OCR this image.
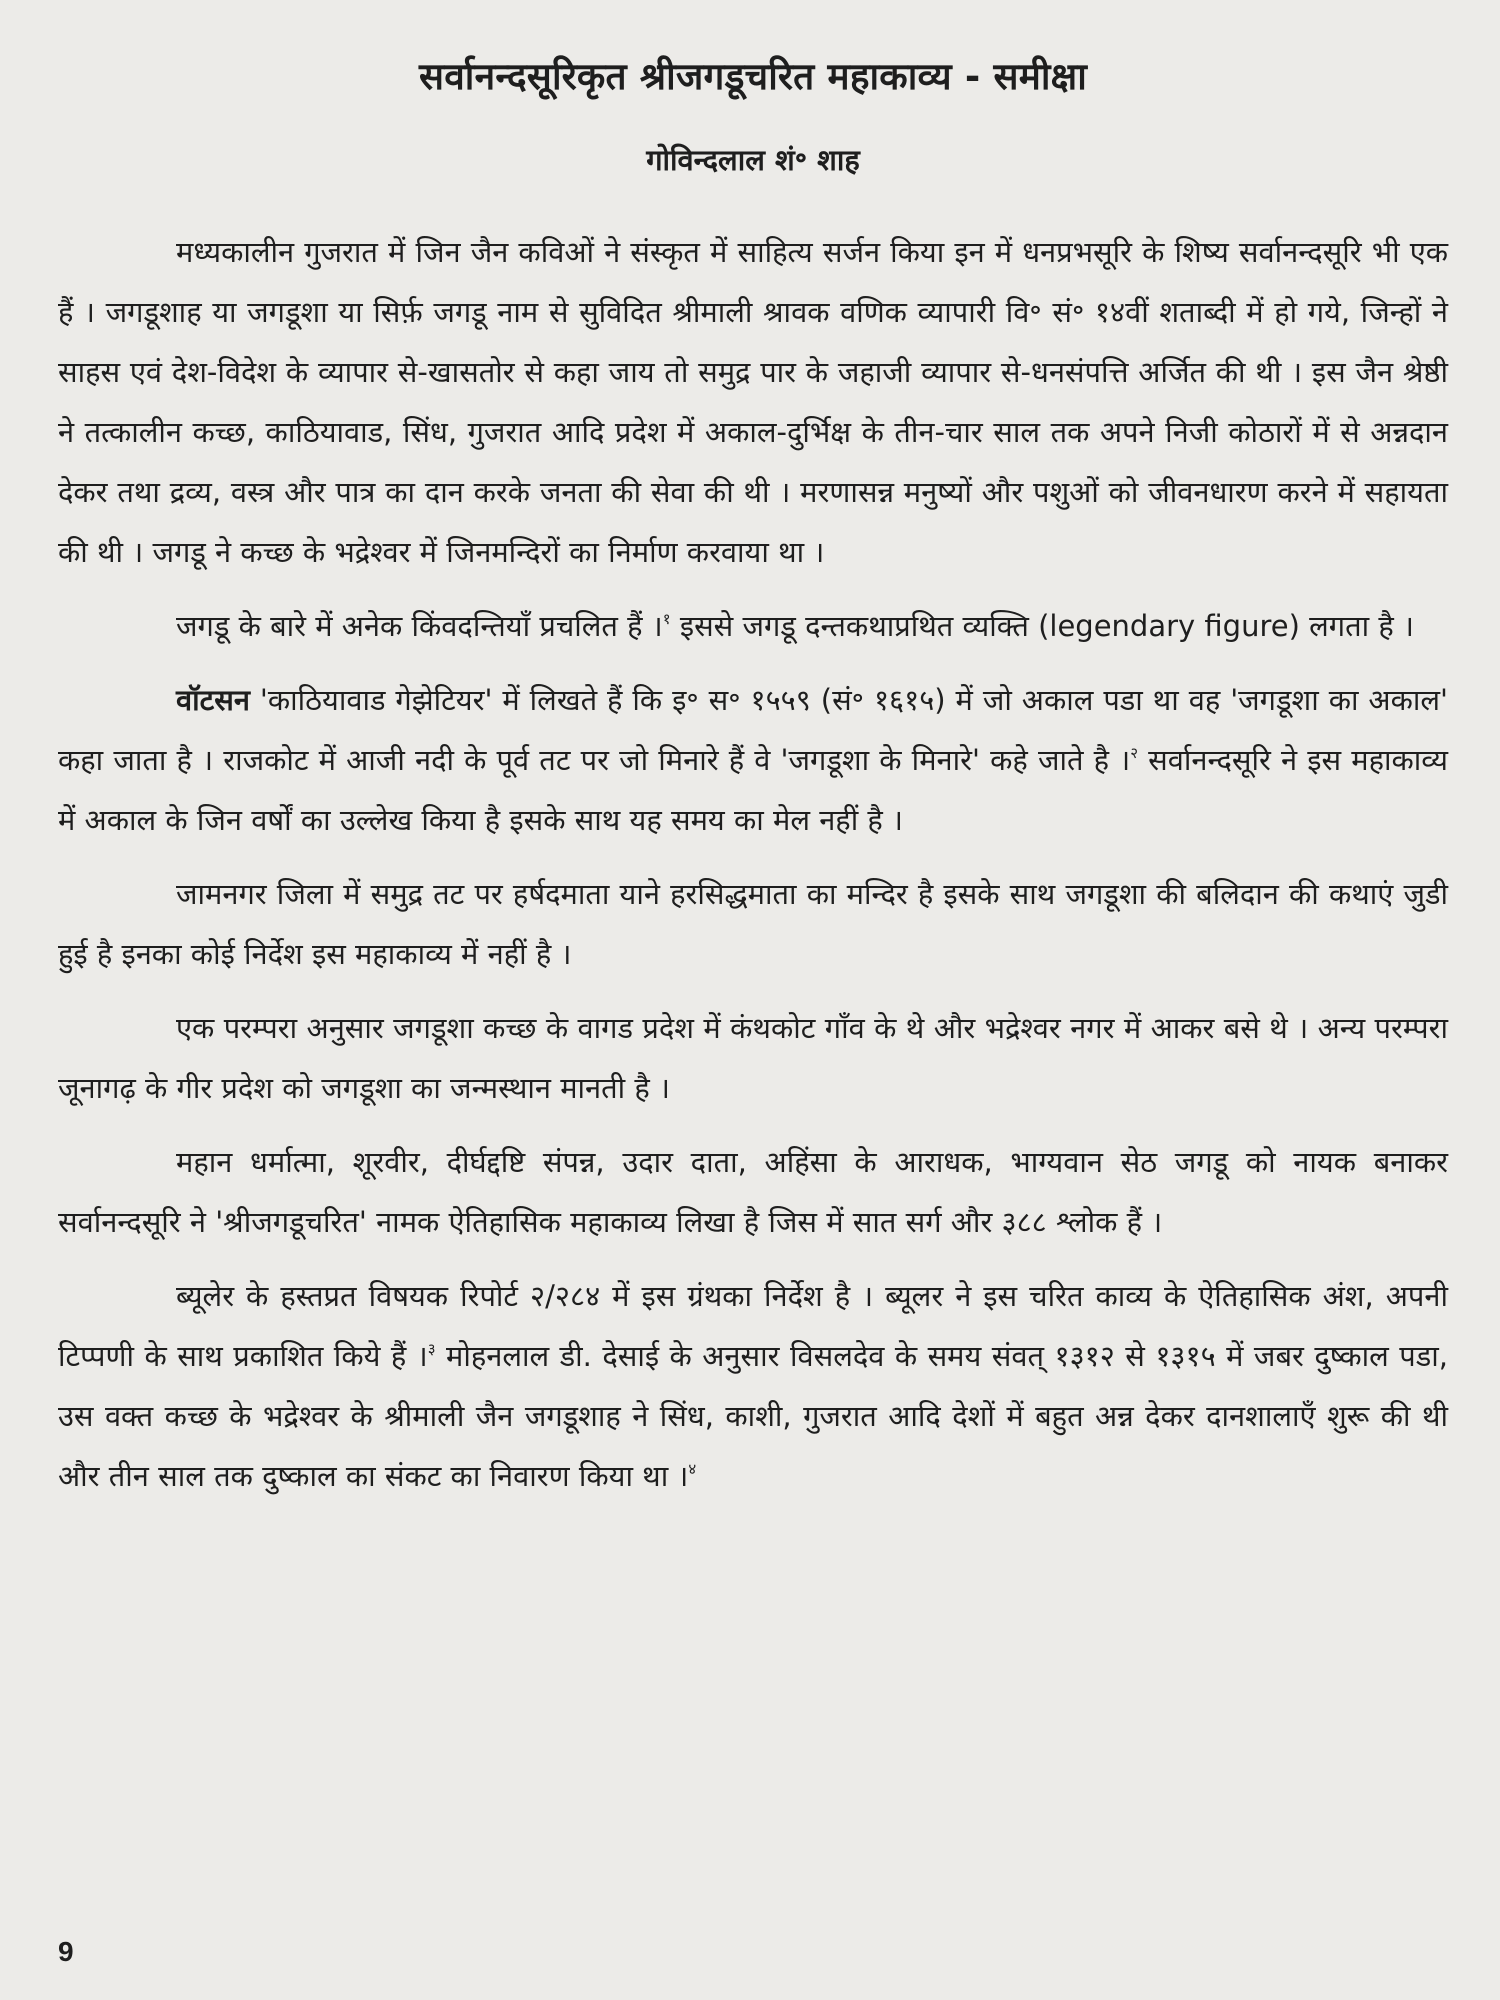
सर्वानन्दसूरिकृत श्रीजगडूचरित महाकाव्य - समीक्षा
गोविन्दलाल शं॰ शाह

मध्यकालीन गुजरात में जिन जैन कविओं ने संस्कृत में साहित्य सर्जन किया इन में धनप्रभसूरि के शिष्य सर्वानन्दसूरि भी एक हैं । जगडूशाह या जगडूशा या सिर्फ़ जगडू नाम से सुविदित श्रीमाली श्रावक वणिक व्यापारी वि॰ सं॰ १४वीं शताब्दी में हो गये, जिन्हों ने साहस एवं देश-विदेश के व्यापार से-खासतोर से कहा जाय तो समुद्र पार के जहाजी व्यापार से-धनसंपत्ति अर्जित की थी । इस जैन श्रेष्ठी ने तत्कालीन कच्छ, काठियावाड, सिंध, गुजरात आदि प्रदेश में अकाल-दुर्भिक्ष के तीन-चार साल तक अपने निजी कोठारों में से अन्नदान देकर तथा द्रव्य, वस्त्र और पात्र का दान करके जनता की सेवा की थी । मरणासन्न मनुष्यों और पशुओं को जीवनधारण करने में सहायता की थी । जगडू ने कच्छ के भद्रेश्वर में जिनमन्दिरों का निर्माण करवाया था ।

जगडू के बारे में अनेक किंवदन्तियाँ प्रचलित हैं ।$^१$ इससे जगडू दन्तकथाप्रथित व्यक्ति (legendary figure) लगता है ।

वॉटसन 'काठियावाड गेझेटियर' में लिखते हैं कि इ॰ स॰ १५५९ (सं॰ १६१५) में जो अकाल पडा था वह 'जगडूशा का अकाल' कहा जाता है । राजकोट में आजी नदी के पूर्व तट पर जो मिनारे हैं वे 'जगडूशा के मिनारे' कहे जाते है ।$^२$ सर्वानन्दसूरि ने इस महाकाव्य में अकाल के जिन वर्षों का उल्लेख किया है इसके साथ यह समय का मेल नहीं है ।

जामनगर जिला में समुद्र तट पर हर्षदमाता याने हरसिद्धमाता का मन्दिर है इसके साथ जगडूशा की बलिदान की कथाएं जुडी हुई है इनका कोई निर्देश इस महाकाव्य में नहीं है ।

एक परम्परा अनुसार जगडूशा कच्छ के वागड प्रदेश में कंथकोट गाँव के थे और भद्रेश्वर नगर में आकर बसे थे । अन्य परम्परा जूनागढ़ के गीर प्रदेश को जगडूशा का जन्मस्थान मानती है ।

महान धर्मात्मा, शूरवीर, दीर्घद्दष्टि संपन्न, उदार दाता, अहिंसा के आराधक, भाग्यवान सेठ जगडू को नायक बनाकर सर्वानन्दसूरि ने 'श्रीजगडूचरित' नामक ऐतिहासिक महाकाव्य लिखा है जिस में सात सर्ग और ३८८ श्लोक हैं ।

ब्यूलेर के हस्तप्रत विषयक रिपोर्ट २/२८४ में इस ग्रंथका निर्देश है । ब्यूलर ने इस चरित काव्य के ऐतिहासिक अंश, अपनी टिप्पणी के साथ प्रकाशित किये हैं ।$^३$ मोहनलाल डी. देसाई के अनुसार विसलदेव के समय संवत् १३१२ से १३१५ में जबर दुष्काल पडा, उस वक्त कच्छ के भद्रेश्वर के श्रीमाली जैन जगडूशाह ने सिंध, काशी, गुजरात आदि देशों में बहुत अन्न देकर दानशालाएँ शुरू की थी और तीन साल तक दुष्काल का संकट का निवारण किया था ।$^४$

9
